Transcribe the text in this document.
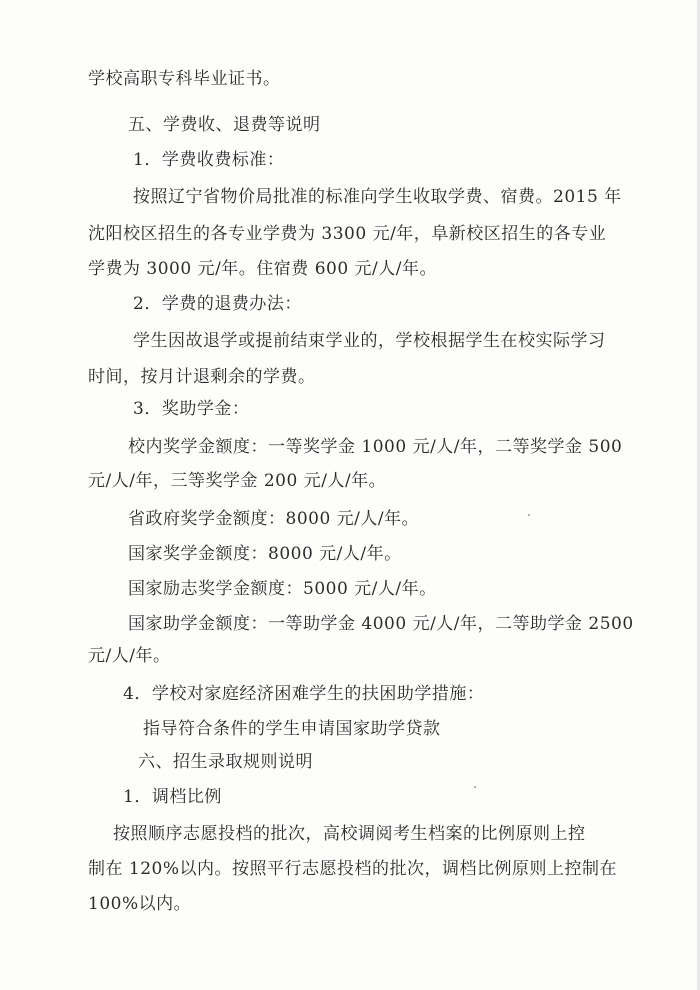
学校高职专科毕业证书。
五、学费收、退费等说明
1．学费收费标准：
按照辽宁省物价局批准的标准向学生收取学费、宿费。2015 年
沈阳校区招生的各专业学费为 3300 元/年，阜新校区招生的各专业
学费为 3000 元/年。住宿费 600 元/人/年。
2．学费的退费办法：
学生因故退学或提前结束学业的，学校根据学生在校实际学习
时间，按月计退剩余的学费。
3．奖助学金：
校内奖学金额度：一等奖学金 1000 元/人/年，二等奖学金 500
元/人/年，三等奖学金 200 元/人/年。
省政府奖学金额度：8000 元/人/年。
国家奖学金额度：8000 元/人/年。
国家励志奖学金额度：5000 元/人/年。
国家助学金额度：一等助学金 4000 元/人/年，二等助学金 2500
元/人/年。
4．学校对家庭经济困难学生的扶困助学措施：
指导符合条件的学生申请国家助学贷款
六、招生录取规则说明
1．调档比例
按照顺序志愿投档的批次，高校调阅考生档案的比例原则上控
制在 120%以内。按照平行志愿投档的批次，调档比例原则上控制在
100%以内。
